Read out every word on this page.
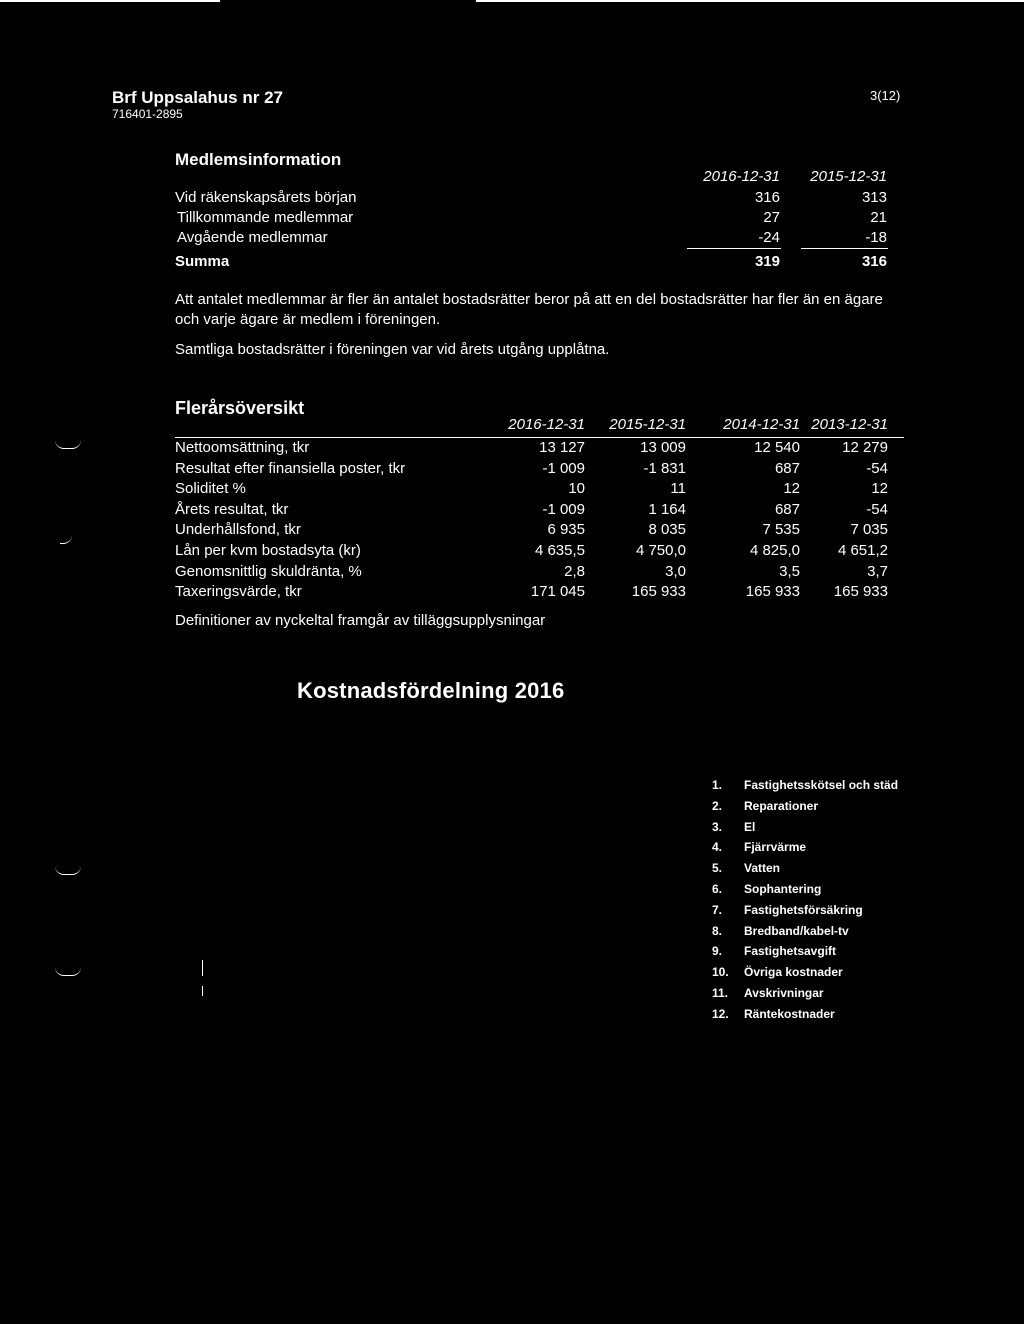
Brf Uppsalahus nr 27
716401-2895
3(12)
Medlemsinformation
2016-12-31	2015-12-31
Vid räkenskapsårets början	316	313
Tillkommande medlemmar	27	21
Avgående medlemmar	-24	-18
Summa	319	316
Att antalet medlemmar är fler än antalet bostadsrätter beror på att en del bostadsrätter har fler än en ägare och varje ägare är medlem i föreningen.
Samtliga bostadsrätter i föreningen var vid årets utgång upplåtna.
Flerårsöversikt
2016-12-31	2015-12-31	2014-12-31 2013-12-31
Nettoomsättning, tkr	13 127	13 009	12 540	12 279
Resultat efter finansiella poster, tkr	-1 009	-1 831	687	-54
Soliditet %	10	11	12	12
Årets resultat, tkr	-1 009	1 164	687	-54
Underhållsfond, tkr	6 935	8 035	7 535	7 035
Lån per kvm bostadsyta (kr)	4 635,5	4 750,0	4 825,0	4 651,2
Genomsnittlig skuldränta, %	2,8	3,0	3,5	3,7
Taxeringsvärde, tkr	171 045	165 933	165 933	165 933
Definitioner av nyckeltal framgår av tilläggsupplysningar
Kostnadsfördelning 2016
1. Fastighetsskötsel och städ
2. Reparationer
3. El
4. Fjärrvärme
5. Vatten
6. Sophantering
7. Fastighetsförsäkring
8. Bredband/kabel-tv
9. Fastighetsavgift
10. Övriga kostnader
11. Avskrivningar
12. Räntekostnader
